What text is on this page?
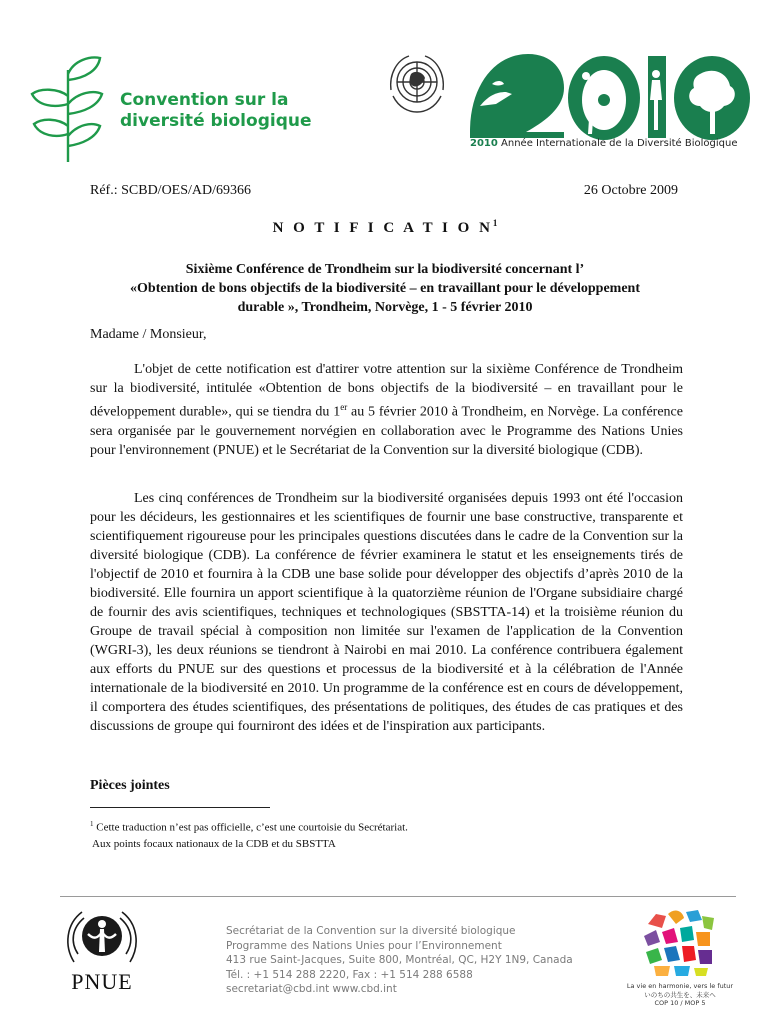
Convention sur la
diversité biologique
2010 Année Internationale de la Diversité Biologique
Réf.: SCBD/OES/AD/69366	26 Octobre 2009
N O T I F I C A T I O $N^1$
Sixième Conférence de Trondheim sur la biodiversité concernant l’
«Obtention de bons objectifs de la biodiversité – en travaillant pour le développement
durable », Trondheim, Norvège, 1 - 5 février 2010
Madame / Monsieur,

L'objet de cette notification est d'attirer votre attention sur la sixième Conférence de Trondheim sur la biodiversité, intitulée «Obtention de bons objectifs de la biodiversité – en travaillant pour le développement durable», qui se tiendra du 1er au 5 février 2010 à Trondheim, en Norvège. La conférence sera organisée par le gouvernement norvégien en collaboration avec le Programme des Nations Unies pour l'environnement (PNUE) et le Secrétariat de la Convention sur la diversité biologique (CDB).

Les cinq conférences de Trondheim sur la biodiversité organisées depuis 1993 ont été l'occasion pour les décideurs, les gestionnaires et les scientifiques de fournir une base constructive, transparente et scientifiquement rigoureuse pour les principales questions discutées dans le cadre de la Convention sur la diversité biologique (CDB). La conférence de février examinera le statut et les enseignements tirés de l'objectif de 2010 et fournira à la CDB une base solide pour développer des objectifs d’après 2010 de la biodiversité. Elle fournira un apport scientifique à la quatorzième réunion de l'Organe subsidiaire chargé de fournir des avis scientifiques, techniques et technologiques (SBSTTA-14) et la troisième réunion du Groupe de travail spécial à composition non limitée sur l'examen de l'application de la Convention (WGRI-3), les deux réunions se tiendront à Nairobi en mai 2010. La conférence contribuera également aux efforts du PNUE sur des questions et processus de la biodiversité et à la célébration de l'Année internationale de la biodiversité en 2010. Un programme de la conférence est en cours de développement, il comportera des études scientifiques, des présentations de politiques, des études de cas pratiques et des discussions de groupe qui fourniront des idées et de l'inspiration aux participants.

Pièces jointes
$^1$ Cette traduction n’est pas officielle, c’est une courtoisie du Secrétariat.
Aux points focaux nationaux de la CDB et du SBSTTA
PNUE
Secrétariat de la Convention sur la diversité biologique
Programme des Nations Unies pour l’Environnement
413 rue Saint-Jacques, Suite 800, Montréal, QC, H2Y 1N9, Canada
Tél. : +1 514 288 2220, Fax : +1 514 288 6588
secretariat@cbd.int www.cbd.int	La vie en harmonie, vers le futur
いのちの共生を、未来へ
COP 10 / MOP 5
